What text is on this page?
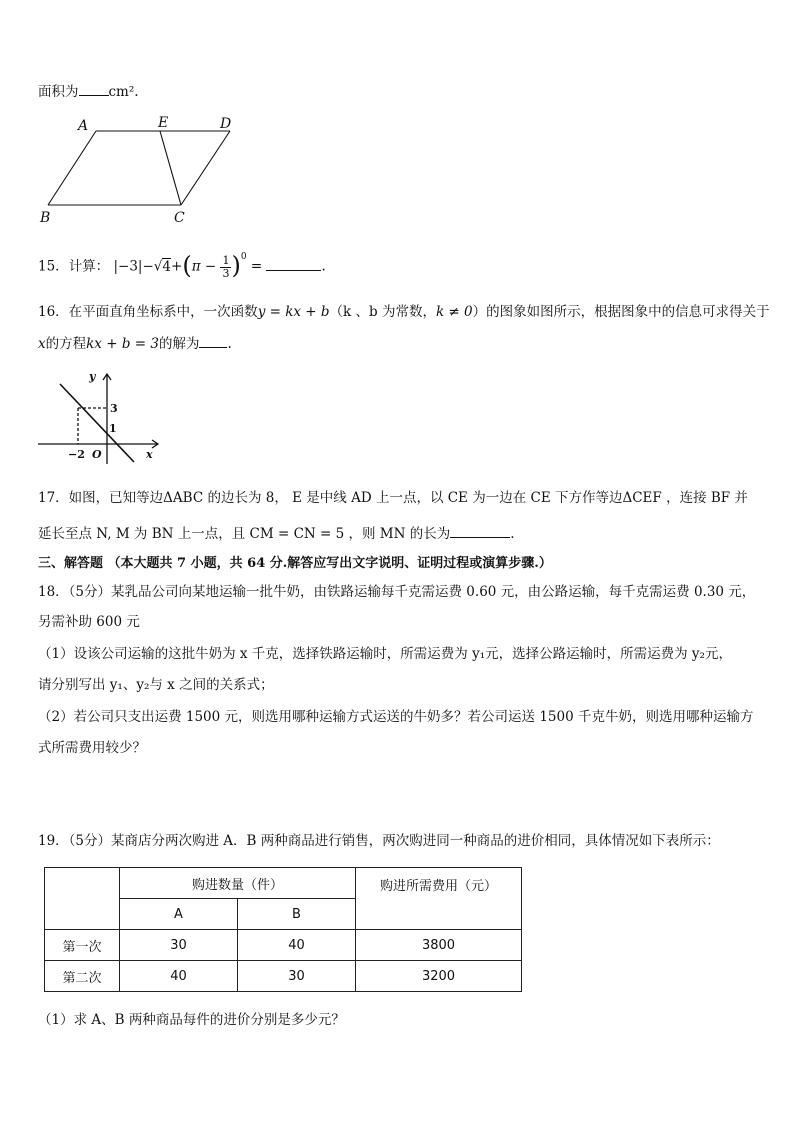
面积为 cm².
A	E	D
B	C
15．计算： $|-3|-√4+(\pi - \frac{1}{3} )^0$ =	.
16．在平面直角坐标系中，一次函数y = kx + b（k 、b 为常数，k ≠ 0）的图象如图所示，根据图象中的信息可求得关于
x的方程kx + b = 3的解为 .
y
x
3
1
−2 O
17．如图，已知等边ΔABC 的边长为 8， E 是中线 AD 上一点，以 CE 为一边在 CE 下方作等边ΔCEF ，连接 BF 并
延长至点 N, M 为 BN 上一点，且 CM = CN = 5 ，则 MN 的长为	.
三、解答题 （本大题共 7 小题，共 64 分.解答应写出文字说明、证明过程或演算步骤.）
18．（5分）某乳品公司向某地运输一批牛奶，由铁路运输每千克需运费 0.60 元，由公路运输，每千克需运费 0.30 元，
另需补助 600 元
（1）设该公司运输的这批牛奶为 x 千克，选择铁路运输时，所需运费为 y₁元，选择公路运输时，所需运费为 y₂元，
请分别写出 y₁、y₂与 x 之间的关系式；
（2）若公司只支出运费 1500 元，则选用哪种运输方式运送的牛奶多？若公司运送 1500 千克牛奶，则选用哪种运输方
式所需费用较少？
19．（5分）某商店分两次购进 A．B 两种商品进行销售，两次购进同一种商品的进价相同，具体情况如下表所示：
	购进数量（件）		购进所需费用（元）
	A	B	
第一次	30	40	3800
第二次	40	30	3200
（1）求 A、B 两种商品每件的进价分别是多少元？
